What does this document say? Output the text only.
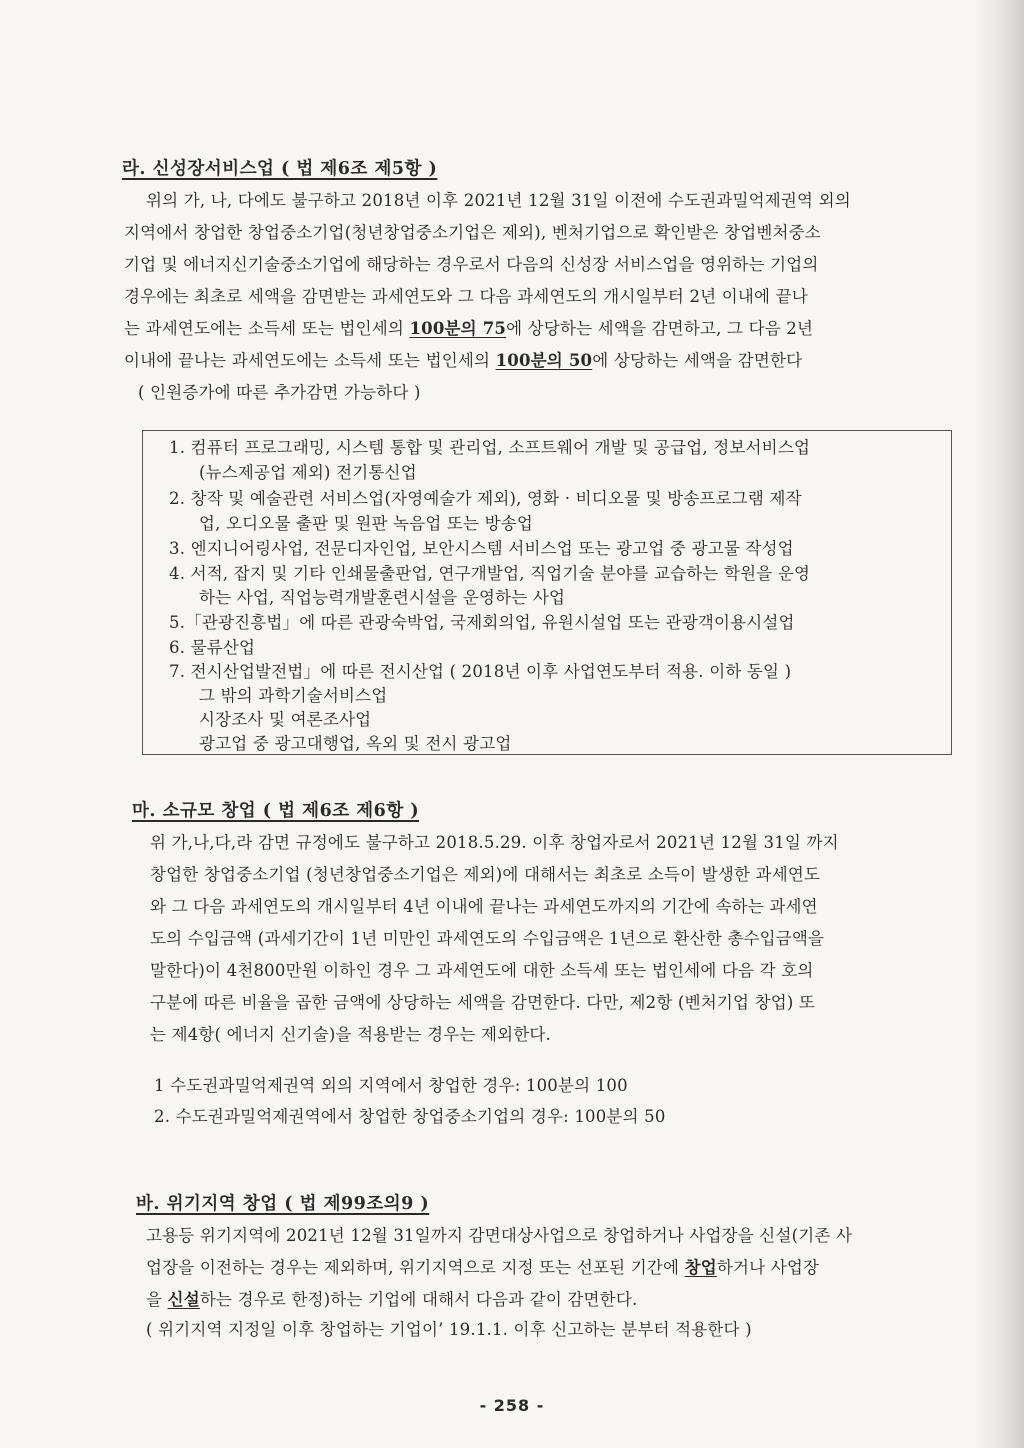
라. 신성장서비스업 ( 법 제6조 제5항 )
위의 가, 나, 다에도 불구하고 2018년 이후 2021년 12월 31일 이전에 수도권과밀억제권역 외의
지역에서 창업한 창업중소기업(청년창업중소기업은 제외), 벤처기업으로 확인받은 창업벤처중소
기업 및 에너지신기술중소기업에 해당하는 경우로서 다음의 신성장 서비스업을 영위하는 기업의
경우에는 최초로 세액을 감면받는 과세연도와 그 다음 과세연도의 개시일부터 2년 이내에 끝나
는 과세연도에는 소득세 또는 법인세의 100분의 75에 상당하는 세액을 감면하고, 그 다음 2년
이내에 끝나는 과세연도에는 소득세 또는 법인세의 100분의 50에 상당하는 세액을 감면한다
( 인원증가에 따른 추가감면 가능하다 )
1. 컴퓨터 프로그래밍, 시스템 통합 및 관리업, 소프트웨어 개발 및 공급업, 정보서비스업
(뉴스제공업 제외) 전기통신업
2. 창작 및 예술관련 서비스업(자영예술가 제외), 영화 · 비디오물 및 방송프로그램 제작
업, 오디오물 출판 및 원판 녹음업 또는 방송업
3. 엔지니어링사업, 전문디자인업, 보안시스템 서비스업 또는 광고업 중 광고물 작성업
4. 서적, 잡지 및 기타 인쇄물출판업, 연구개발업, 직업기술 분야를 교습하는 학원을 운영
하는 사업, 직업능력개발훈련시설을 운영하는 사업
5.「관광진흥법」에 따른 관광숙박업, 국제회의업, 유원시설업 또는 관광객이용시설업
6. 물류산업
7. 전시산업발전법」에 따른 전시산업 ( 2018년 이후 사업연도부터 적용. 이하 동일 )
그 밖의 과학기술서비스업
시장조사 및 여론조사업
광고업 중 광고대행업, 옥외 및 전시 광고업
마. 소규모 창업 ( 법 제6조 제6항 )
위 가,나,다,라 감면 규정에도 불구하고 2018.5.29. 이후 창업자로서 2021년 12월 31일 까지
창업한 창업중소기업 (청년창업중소기업은 제외)에 대해서는 최초로 소득이 발생한 과세연도
와 그 다음 과세연도의 개시일부터 4년 이내에 끝나는 과세연도까지의 기간에 속하는 과세연
도의 수입금액 (과세기간이 1년 미만인 과세연도의 수입금액은 1년으로 환산한 총수입금액을
말한다)이 4천800만원 이하인 경우 그 과세연도에 대한 소득세 또는 법인세에 다음 각 호의
구분에 따른 비율을 곱한 금액에 상당하는 세액을 감면한다. 다만, 제2항 (벤처기업 창업) 또
는 제4항( 에너지 신기술)을 적용받는 경우는 제외한다.
1 수도권과밀억제권역 외의 지역에서 창업한 경우: 100분의 100
2. 수도권과밀억제권역에서 창업한 창업중소기업의 경우: 100분의 50
바. 위기지역 창업 ( 법 제99조의9 )
고용등 위기지역에 2021년 12월 31일까지 감면대상사업으로 창업하거나 사업장을 신설(기존 사
업장을 이전하는 경우는 제외하며, 위기지역으로 지정 또는 선포된 기간에 창업하거나 사업장
을 신설하는 경우로 한정)하는 기업에 대해서 다음과 같이 감면한다.
( 위기지역 지정일 이후 창업하는 기업이’ 19.1.1. 이후 신고하는 분부터 적용한다 )
- 258 -
